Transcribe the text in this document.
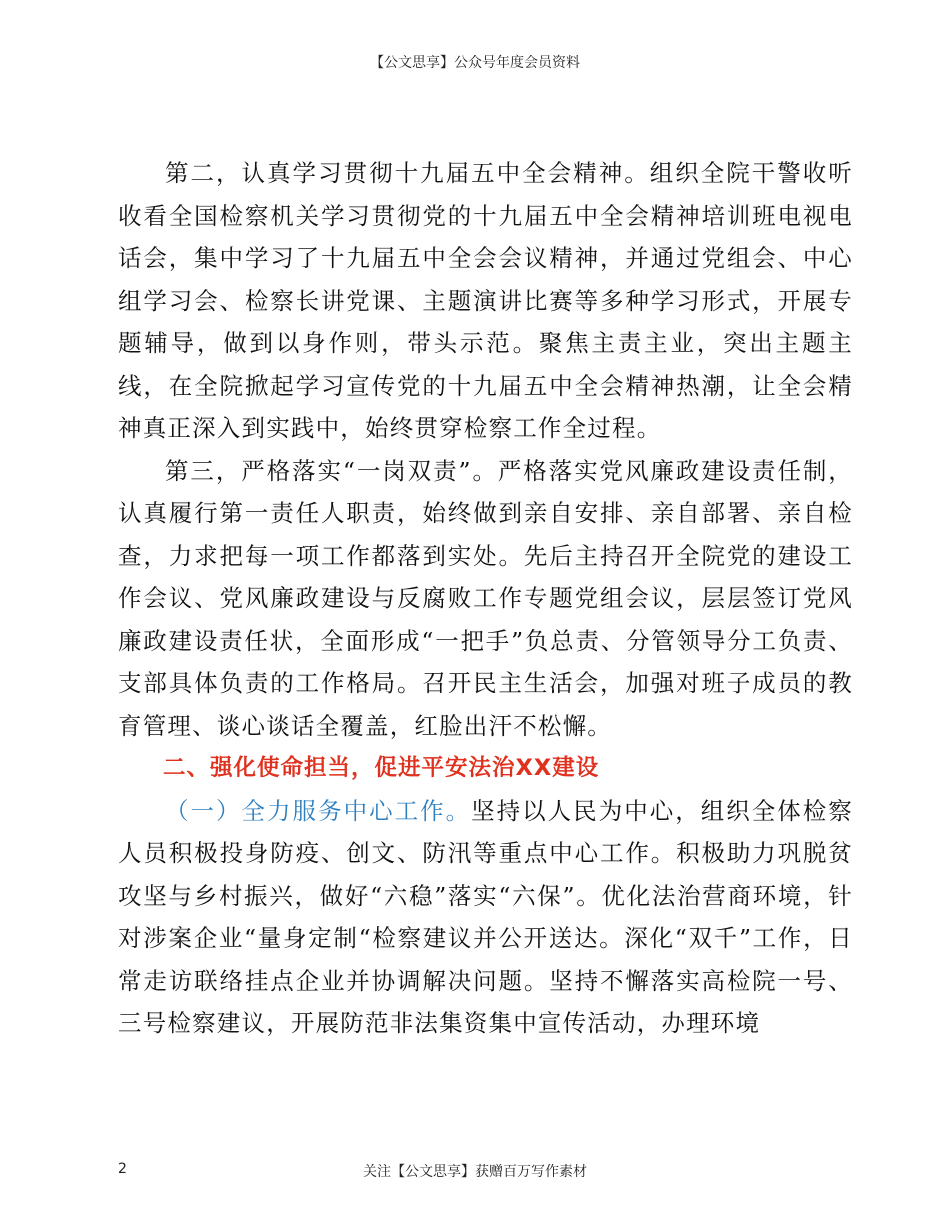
【公文思享】公众号年度会员资料

第二，认真学习贯彻十九届五中全会精神。组织全院干警收听收看全国检察机关学习贯彻党的十九届五中全会精神培训班电视电话会，集中学习了十九届五中全会会议精神，并通过党组会、中心组学习会、检察长讲党课、主题演讲比赛等多种学习形式，开展专题辅导，做到以身作则，带头示范。聚焦主责主业，突出主题主线，在全院掀起学习宣传党的十九届五中全会精神热潮，让全会精神真正深入到实践中，始终贯穿检察工作全过程。

第三，严格落实“一岗双责”。严格落实党风廉政建设责任制，认真履行第一责任人职责，始终做到亲自安排、亲自部署、亲自检查，力求把每一项工作都落到实处。先后主持召开全院党的建设工作会议、党风廉政建设与反腐败工作专题党组会议，层层签订党风廉政建设责任状，全面形成“一把手”负总责、分管领导分工负责、支部具体负责的工作格局。召开民主生活会，加强对班子成员的教育管理、谈心谈话全覆盖，红脸出汗不松懈。

二、强化使命担当，促进平安法治XX建设

（一）全力服务中心工作。坚持以人民为中心，组织全体检察人员积极投身防疫、创文、防汛等重点中心工作。积极助力巩脱贫攻坚与乡村振兴，做好“六稳”落实“六保”。优化法治营商环境，针对涉案企业“量身定制“检察建议并公开送达。深化“双千”工作，日常走访联络挂点企业并协调解决问题。坚持不懈落实高检院一号、三号检察建议，开展防范非法集资集中宣传活动，办理环境

2	关注【公文思享】获赠百万写作素材
